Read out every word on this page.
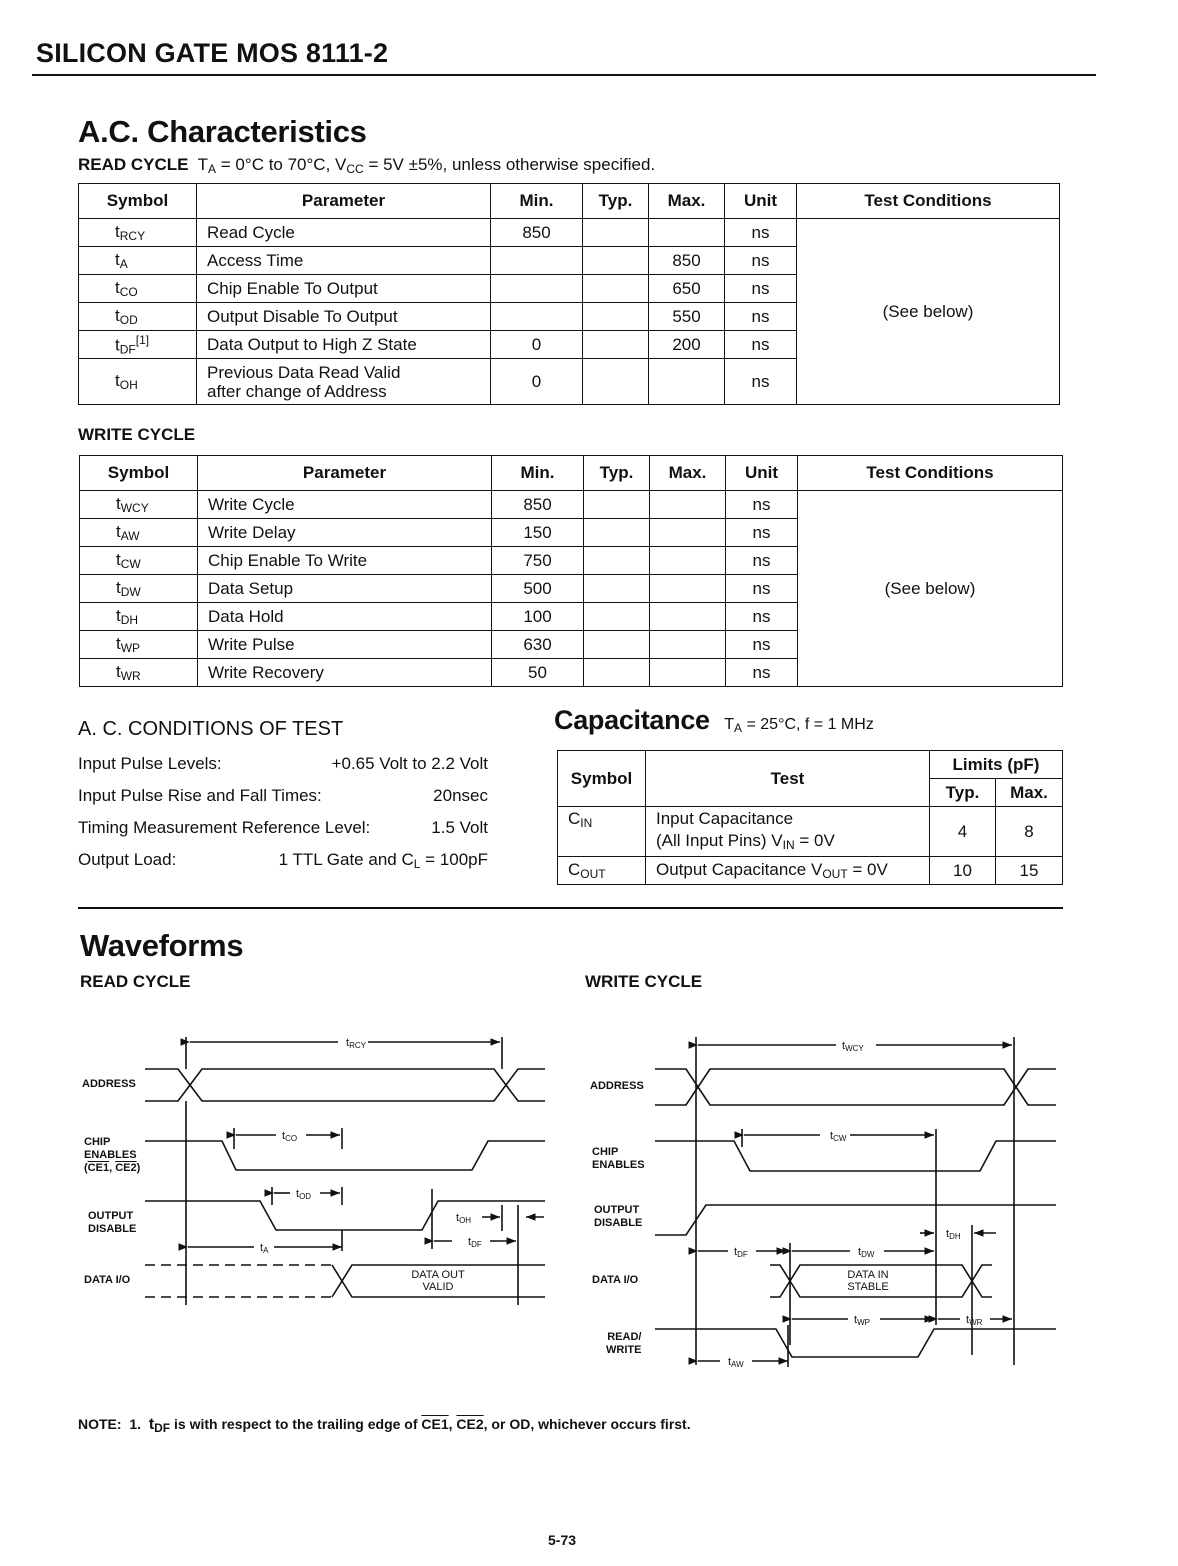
SILICON GATE MOS 8111-2
A.C. Characteristics
READ CYCLE $T_A = 0^\circ C$ to 70°C, $V_{CC} = 5V \pm 5\%$, unless otherwise specified.
Symbol	Parameter	Min.	Typ.	Max.	Unit	Test Conditions
$t_{RCY}$	Read Cycle	850			ns	(See below)
$t_A$	Access Time			850	ns	
$t_{CO}$	Chip Enable To Output			650	ns	
$t_{OD}$	Output Disable To Output			550	ns	
$t_{DF}[1]$	Data Output to High Z State	0		200	ns	
$t_{OH}$	Previous Data Read Valid
after change of Address	0			ns	
WRITE CYCLE
Symbol	Parameter	Min.	Typ.	Max.	Unit	Test Conditions
$t_{WCY}$	Write Cycle	850			ns	(See below)
$t_{AW}$	Write Delay	150			ns	
$t_{CW}$	Chip Enable To Write	750			ns	
$t_{DW}$	Data Setup	500			ns	
$t_{DH}$	Data Hold	100			ns	
$t_{WP}$	Write Pulse	630			ns	
$t_{WR}$	Write Recovery	50			ns	
A. C. CONDITIONS OF TEST
Input Pulse Levels:	+0.65 Volt to 2.2 Volt
Input Pulse Rise and Fall Times:	20nsec
Timing Measurement Reference Level:	1.5 Volt
Output Load:	1 TTL Gate and $C_L = 100pF$
Capacitance $T_A = 25^\circ C$, f = 1 MHz
Symbol	Test	Limits (pF)	
		Typ.	Max.
$C_{IN}$	Input Capacitance
(All Input Pins) $V_{IN} = 0V$	4	8
$C_{OUT}$	Output Capacitance $V_{OUT} = 0V$	10	15
Waveforms
READ CYCLE	WRITE CYCLE
tRCY
tCO
tOD
tOH
tDF
tA
DATA OUT
VALID
ADDRESS
CHIP
ENABLES
(CE1, CE2)
OUTPUT
DISABLE
DATA I/O
tWCY
tCW
tDH
tDF	tDW
tWP	tWR
tAW
DATA IN
STABLE
ADDRESS
CHIP
ENABLES
OUTPUT
DISABLE
DATA I/O
READ/
WRITE
NOTE: 1. $t_{DF}$ is with respect to the trailing edge of CE1, CE2, or OD, whichever occurs first.
5-73
